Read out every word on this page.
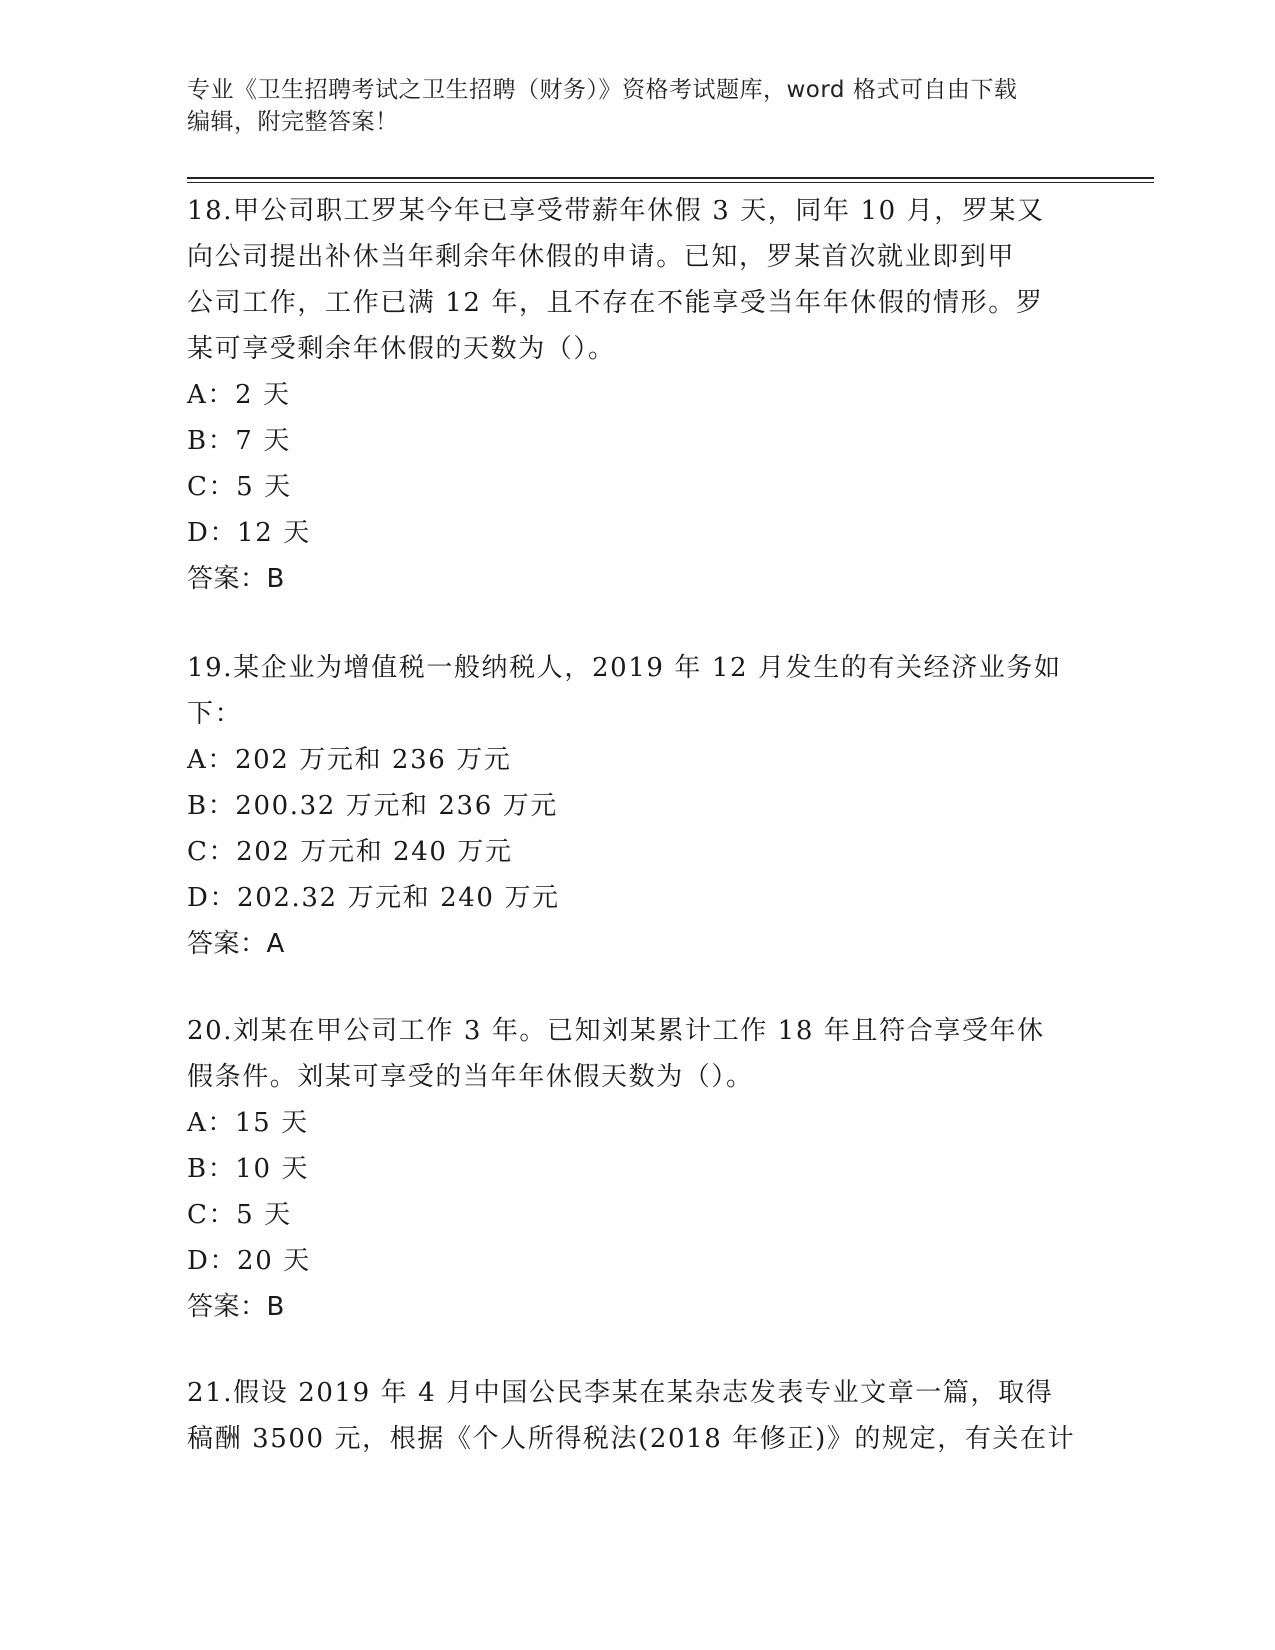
专业《卫生招聘考试之卫生招聘（财务）》资格考试题库，word 格式可自由下载
编辑，附完整答案！
18.甲公司职工罗某今年已享受带薪年休假 3 天，同年 10 月，罗某又
向公司提出补休当年剩余年休假的申请。已知，罗某首次就业即到甲
公司工作，工作已满 12 年，且不存在不能享受当年年休假的情形。罗
某可享受剩余年休假的天数为（）。
A：2 天
B：7 天
C：5 天
D：12 天
答案：B
19.某企业为增值税一般纳税人，2019 年 12 月发生的有关经济业务如
下：
A：202 万元和 236 万元
B：200.32 万元和 236 万元
C：202 万元和 240 万元
D：202.32 万元和 240 万元
答案：A
20.刘某在甲公司工作 3 年。已知刘某累计工作 18 年且符合享受年休
假条件。刘某可享受的当年年休假天数为（）。
A：15 天
B：10 天
C：5 天
D：20 天
答案：B
21.假设 2019 年 4 月中国公民李某在某杂志发表专业文章一篇，取得
稿酬 3500 元，根据《个人所得税法(2018 年修正)》的规定，有关在计
